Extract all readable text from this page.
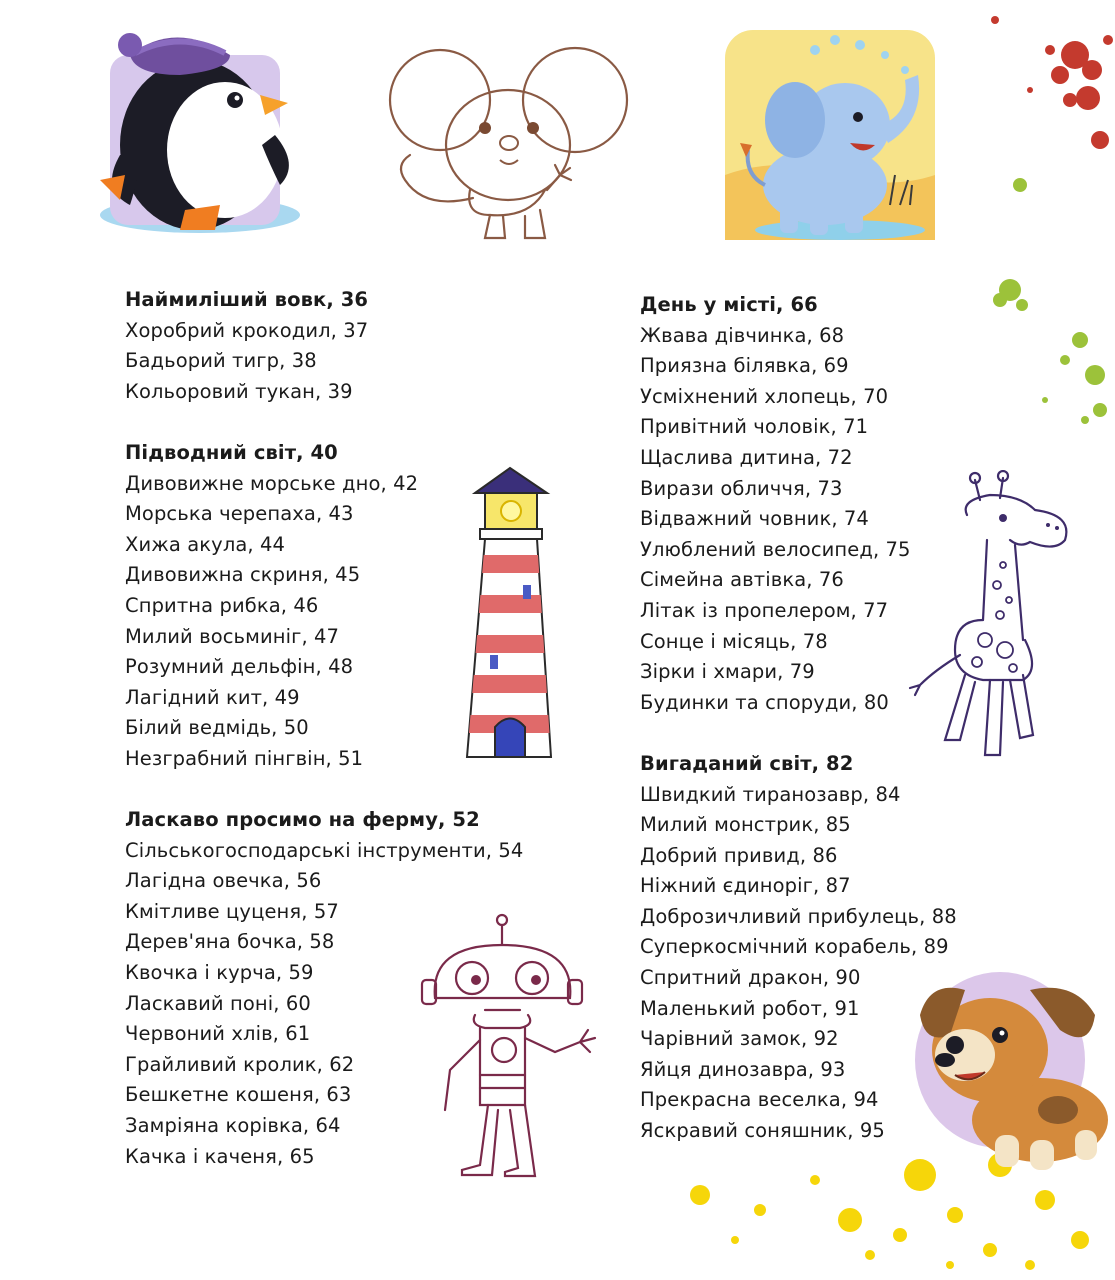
Наймиліший вовк, 36
Хоробрий крокодил, 37
Бадьорий тигр, 38
Кольоровий тукан, 39
Підводний світ, 40
Дивовижне морське дно, 42
Морська черепаха, 43
Хижа акула, 44
Дивовижна скриня, 45
Спритна рибка, 46
Милий восьминіг, 47
Розумний дельфін, 48
Лагідний кит, 49
Білий ведмідь, 50
Незграбний пінгвін, 51
Ласкаво просимо на ферму, 52
Сільськогосподарські інструменти, 54
Лагідна овечка, 56
Кмітливе цуценя, 57
Дерев'яна бочка, 58
Квочка і курча, 59
Ласкавий поні, 60
Червоний хлів, 61
Грайливий кролик, 62
Бешкетне кошеня, 63
Замріяна корівка, 64
Качка і каченя, 65
День у місті, 66
Жвава дівчинка, 68
Приязна білявка, 69
Усміхнений хлопець, 70
Привітний чоловік, 71
Щаслива дитина, 72
Вирази обличчя, 73
Відважний човник, 74
Улюблений велосипед, 75
Сімейна автівка, 76
Літак із пропелером, 77
Сонце і місяць, 78
Зірки і хмари, 79
Будинки та споруди, 80
Вигаданий світ, 82
Швидкий тиранозавр, 84
Милий монстрик, 85
Добрий привид, 86
Ніжний єдиноріг, 87
Доброзичливий прибулець, 88
Суперкосмічний корабель, 89
Спритний дракон, 90
Маленький робот, 91
Чарівний замок, 92
Яйця динозавра, 93
Прекрасна веселка, 94
Яскравий соняшник, 95
